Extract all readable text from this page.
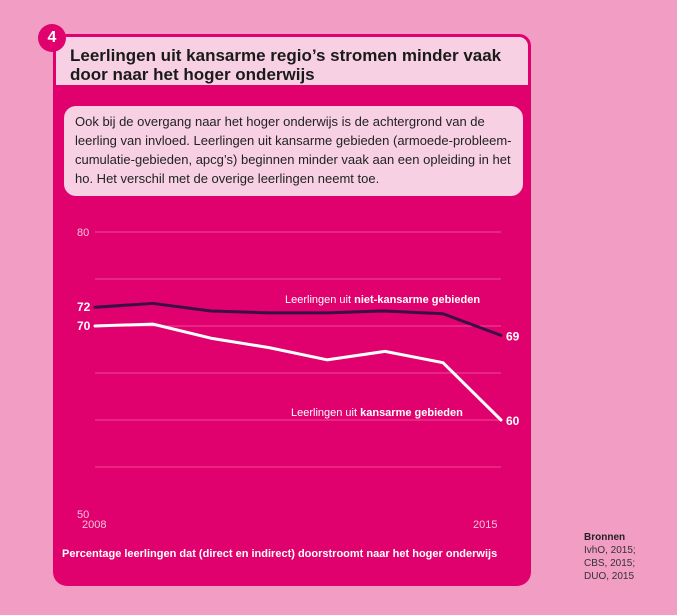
4
Leerlingen uit kansarme regio’s stromen minder vaak door naar het hoger onderwijs
Ook bij de overgang naar het hoger onderwijs is de achtergrond van de leerling van invloed. Leerlingen uit kansarme gebieden (armoede-probleem-cumulatie-gebieden, apcg’s) beginnen minder vaak aan een opleiding in het ho. Het verschil met de overige leerlingen neemt toe.
50
80
2008	2015
72
69
Leerlingen uit niet-kansarme gebieden
70
60
Leerlingen uit kansarme gebieden
Percentage leerlingen dat (direct en indirect) doorstroomt naar het hoger onderwijs
Bronnen
IvhO, 2015;
CBS, 2015;
DUO, 2015
